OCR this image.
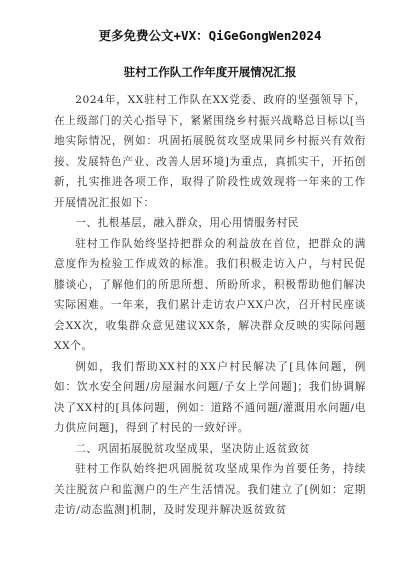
更多免费公文+VX：QiGeGongWen2024
驻村工作队工作年度开展情况汇报

2024年，XX驻村工作队在XX党委、政府的坚强领导下，在上级部门的关心指导下，紧紧围绕乡村振兴战略总目标以[当地实际情况，例如：巩固拓展脱贫攻坚成果同乡村振兴有效衔接、发展特色产业、改善人居环境]为重点，真抓实干，开拓创新，扎实推进各项工作，取得了阶段性成效现将一年来的工作开展情况汇报如下：

一、扎根基层，融入群众，用心用情服务村民

驻村工作队始终坚持把群众的利益放在首位，把群众的满意度作为检验工作成效的标准。我们积极走访入户，与村民促膝谈心，了解他们的所思所想、所盼所求，积极帮助他们解决实际困难。一年来，我们累计走访农户XX户次，召开村民座谈会XX次，收集群众意见建议XX条，解决群众反映的实际问题XX个。

例如，我们帮助XX村的XX户村民解决了[具体问题，例如：饮水安全问题/房屋漏水问题/子女上学问题]；我们协调解决了XX村的[具体问题，例如：道路不通问题/灌溉用水问题/电力供应问题]，得到了村民的一致好评。

二、巩固拓展脱贫攻坚成果，坚决防止返贫致贫

驻村工作队始终把巩固脱贫攻坚成果作为首要任务，持续关注脱贫户和监测户的生产生活情况。我们建立了[例如：定期走访/动态监测]机制，及时发现并解决返贫致贫
